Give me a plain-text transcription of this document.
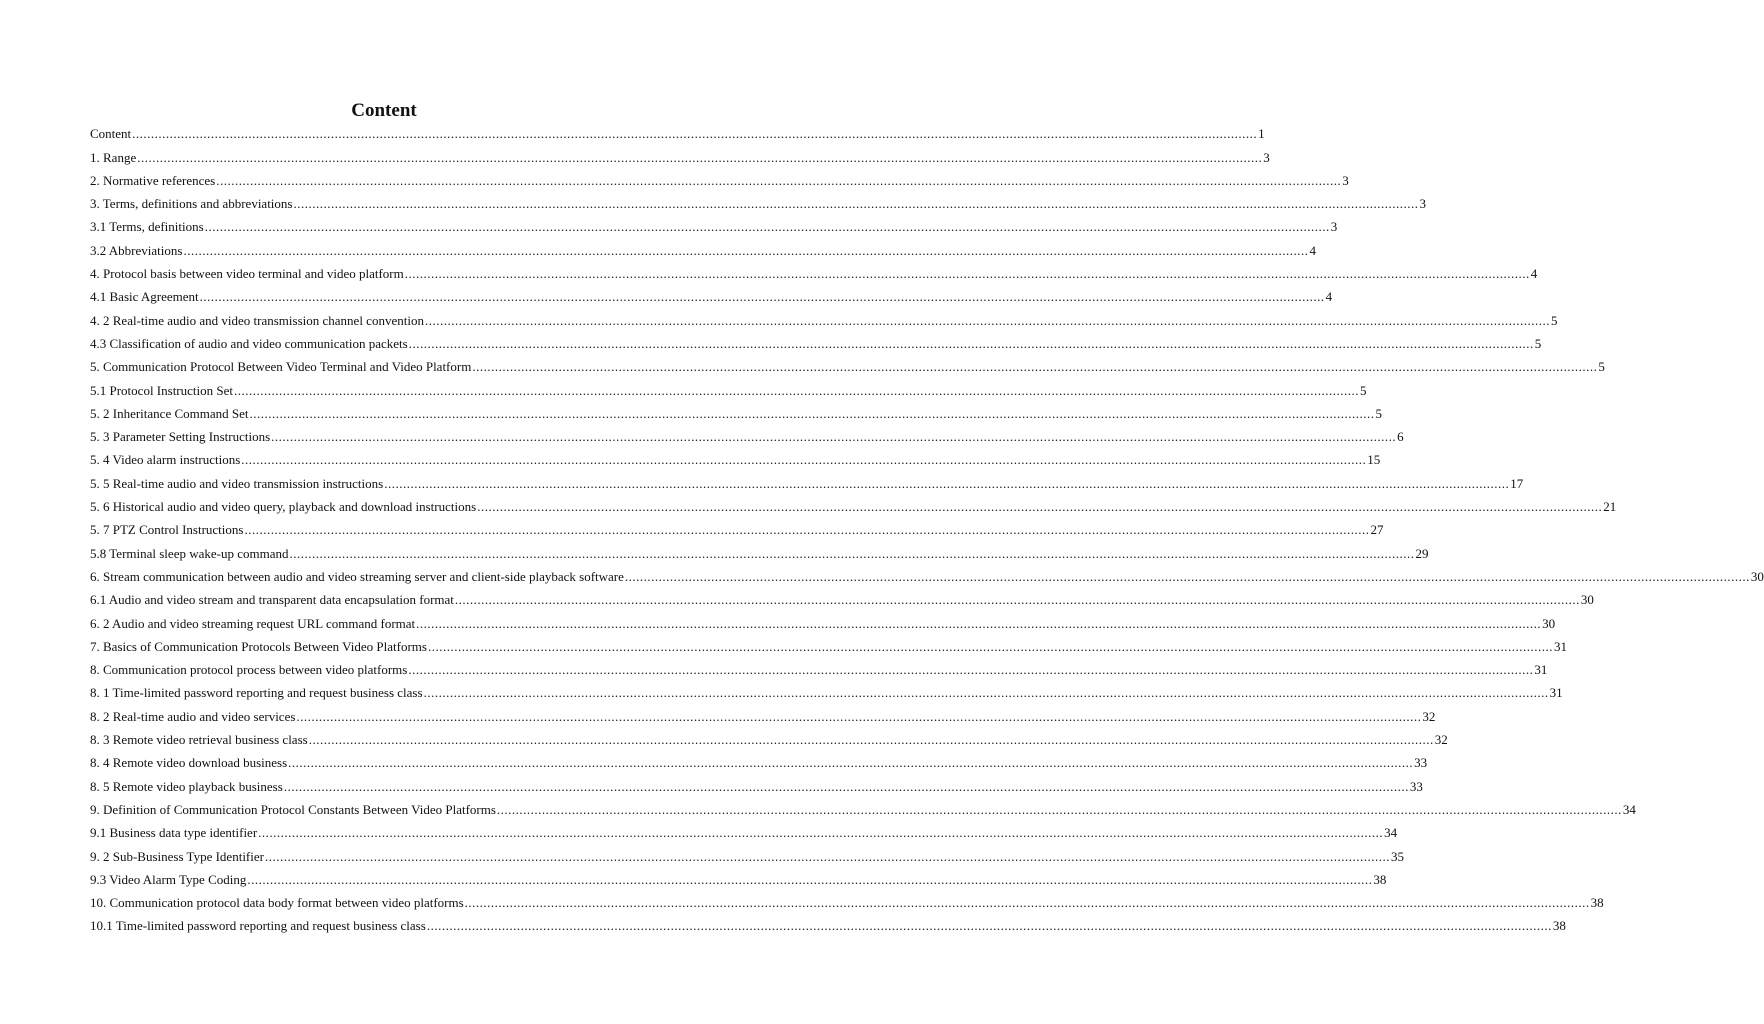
Content
Content ............................................................................................................................................................................................................................................................................................................ 1
1. Range ............................................................................................................................................................................................................................................................................................................ 3
2. Normative references ............................................................................................................................................................................................................................................................................................................ 3
3. Terms, definitions and abbreviations ............................................................................................................................................................................................................................................................................................................ 3
3.1 Terms, definitions ............................................................................................................................................................................................................................................................................................................ 3
3.2 Abbreviations ............................................................................................................................................................................................................................................................................................................ 4
4. Protocol basis between video terminal and video platform ............................................................................................................................................................................................................................................................................................................ 4
4.1 Basic Agreement ............................................................................................................................................................................................................................................................................................................ 4
4. 2 Real-time audio and video transmission channel convention ............................................................................................................................................................................................................................................................................................................ 5
4.3 Classification of audio and video communication packets ............................................................................................................................................................................................................................................................................................................ 5
5. Communication Protocol Between Video Terminal and Video Platform ............................................................................................................................................................................................................................................................................................................ 5
5.1 Protocol Instruction Set ............................................................................................................................................................................................................................................................................................................ 5
5. 2 Inheritance Command Set ............................................................................................................................................................................................................................................................................................................ 5
5. 3 Parameter Setting Instructions ............................................................................................................................................................................................................................................................................................................ 6
5. 4 Video alarm instructions ............................................................................................................................................................................................................................................................................................................ 15
5. 5 Real-time audio and video transmission instructions ............................................................................................................................................................................................................................................................................................................ 17
5. 6 Historical audio and video query, playback and download instructions ............................................................................................................................................................................................................................................................................................................ 21
5. 7 PTZ Control Instructions ............................................................................................................................................................................................................................................................................................................ 27
5.8 Terminal sleep wake-up command ............................................................................................................................................................................................................................................................................................................ 29
6. Stream communication between audio and video streaming server and client-side playback software ............................................................................................................................................................................................................................................................................................................ 30
6.1 Audio and video stream and transparent data encapsulation format ............................................................................................................................................................................................................................................................................................................ 30
6. 2 Audio and video streaming request URL command format ............................................................................................................................................................................................................................................................................................................ 30
7. Basics of Communication Protocols Between Video Platforms ............................................................................................................................................................................................................................................................................................................ 31
8. Communication protocol process between video platforms ............................................................................................................................................................................................................................................................................................................ 31
8. 1 Time-limited password reporting and request business class ............................................................................................................................................................................................................................................................................................................ 31
8. 2 Real-time audio and video services ............................................................................................................................................................................................................................................................................................................ 32
8. 3 Remote video retrieval business class ............................................................................................................................................................................................................................................................................................................ 32
8. 4 Remote video download business ............................................................................................................................................................................................................................................................................................................ 33
8. 5 Remote video playback business ............................................................................................................................................................................................................................................................................................................ 33
9. Definition of Communication Protocol Constants Between Video Platforms ............................................................................................................................................................................................................................................................................................................ 34
9.1 Business data type identifier ............................................................................................................................................................................................................................................................................................................ 34
9. 2 Sub-Business Type Identifier ............................................................................................................................................................................................................................................................................................................ 35
9.3 Video Alarm Type Coding ............................................................................................................................................................................................................................................................................................................ 38
10. Communication protocol data body format between video platforms ............................................................................................................................................................................................................................................................................................................ 38
10.1 Time-limited password reporting and request business class ............................................................................................................................................................................................................................................................................................................ 38
